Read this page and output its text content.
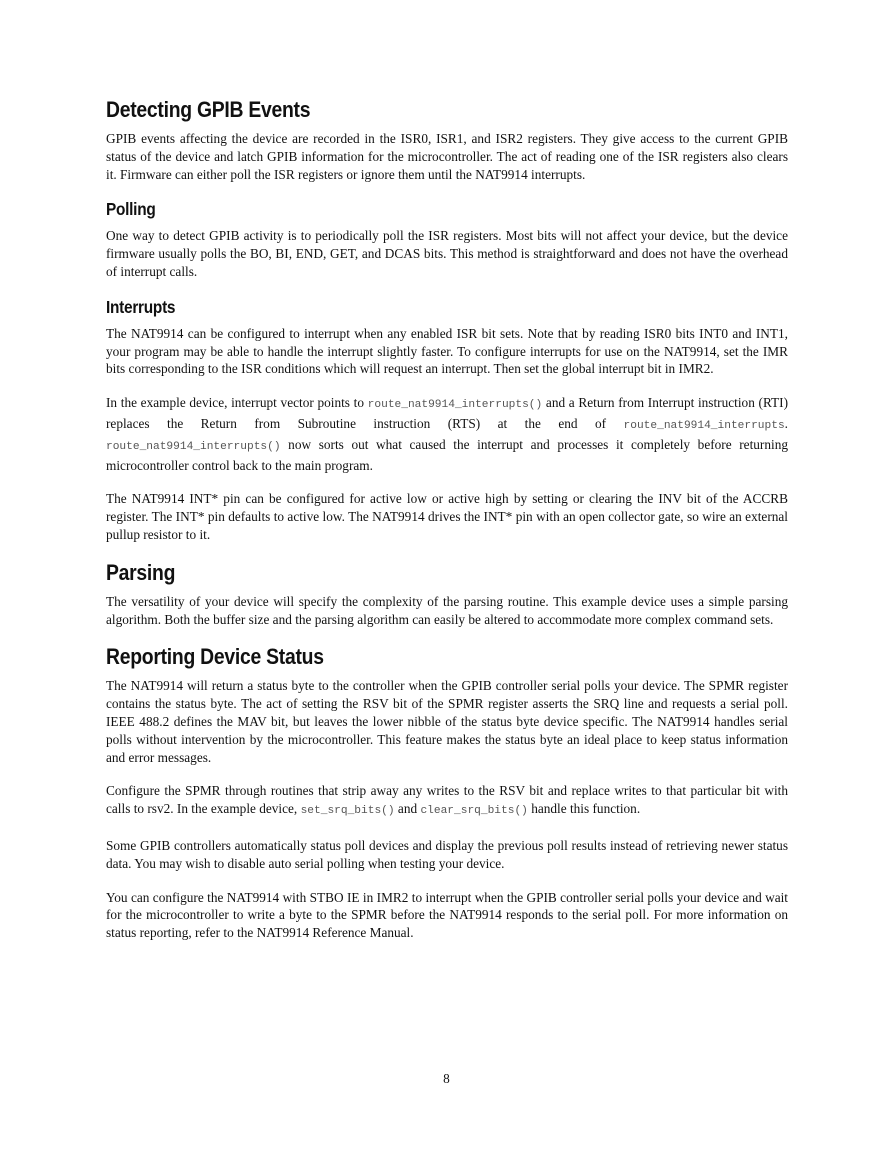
Detecting GPIB Events

GPIB events affecting the device are recorded in the ISR0, ISR1, and ISR2 registers. They give access to the current GPIB status of the device and latch GPIB information for the microcontroller. The act of reading one of the ISR registers also clears it. Firmware can either poll the ISR registers or ignore them until the NAT9914 interrupts.

Polling

One way to detect GPIB activity is to periodically poll the ISR registers. Most bits will not affect your device, but the device firmware usually polls the BO, BI, END, GET, and DCAS bits. This method is straightforward and does not have the overhead of interrupt calls.

Interrupts

The NAT9914 can be configured to interrupt when any enabled ISR bit sets. Note that by reading ISR0 bits INT0 and INT1, your program may be able to handle the interrupt slightly faster. To configure interrupts for use on the NAT9914, set the IMR bits corresponding to the ISR conditions which will request an interrupt. Then set the global interrupt bit in IMR2.

In the example device, interrupt vector points to route_nat9914_interrupts() and a Return from Interrupt instruction (RTI) replaces the Return from Subroutine instruction (RTS) at the end of route_nat9914_interrupts. route_nat9914_interrupts() now sorts out what caused the interrupt and processes it completely before returning microcontroller control back to the main program.

The NAT9914 INT* pin can be configured for active low or active high by setting or clearing the INV bit of the ACCRB register. The INT* pin defaults to active low. The NAT9914 drives the INT* pin with an open collector gate, so wire an external pullup resistor to it.

Parsing

The versatility of your device will specify the complexity of the parsing routine. This example device uses a simple parsing algorithm. Both the buffer size and the parsing algorithm can easily be altered to accommodate more complex command sets.

Reporting Device Status

The NAT9914 will return a status byte to the controller when the GPIB controller serial polls your device. The SPMR register contains the status byte. The act of setting the RSV bit of the SPMR register asserts the SRQ line and requests a serial poll. IEEE 488.2 defines the MAV bit, but leaves the lower nibble of the status byte device specific. The NAT9914 handles serial polls without intervention by the microcontroller. This feature makes the status byte an ideal place to keep status information and error messages.

Configure the SPMR through routines that strip away any writes to the RSV bit and replace writes to that particular bit with calls to rsv2. In the example device, set_srq_bits() and clear_srq_bits() handle this function.

Some GPIB controllers automatically status poll devices and display the previous poll results instead of retrieving newer status data. You may wish to disable auto serial polling when testing your device.

You can configure the NAT9914 with STBO IE in IMR2 to interrupt when the GPIB controller serial polls your device and wait for the microcontroller to write a byte to the SPMR before the NAT9914 responds to the serial poll. For more information on status reporting, refer to the NAT9914 Reference Manual.

8
